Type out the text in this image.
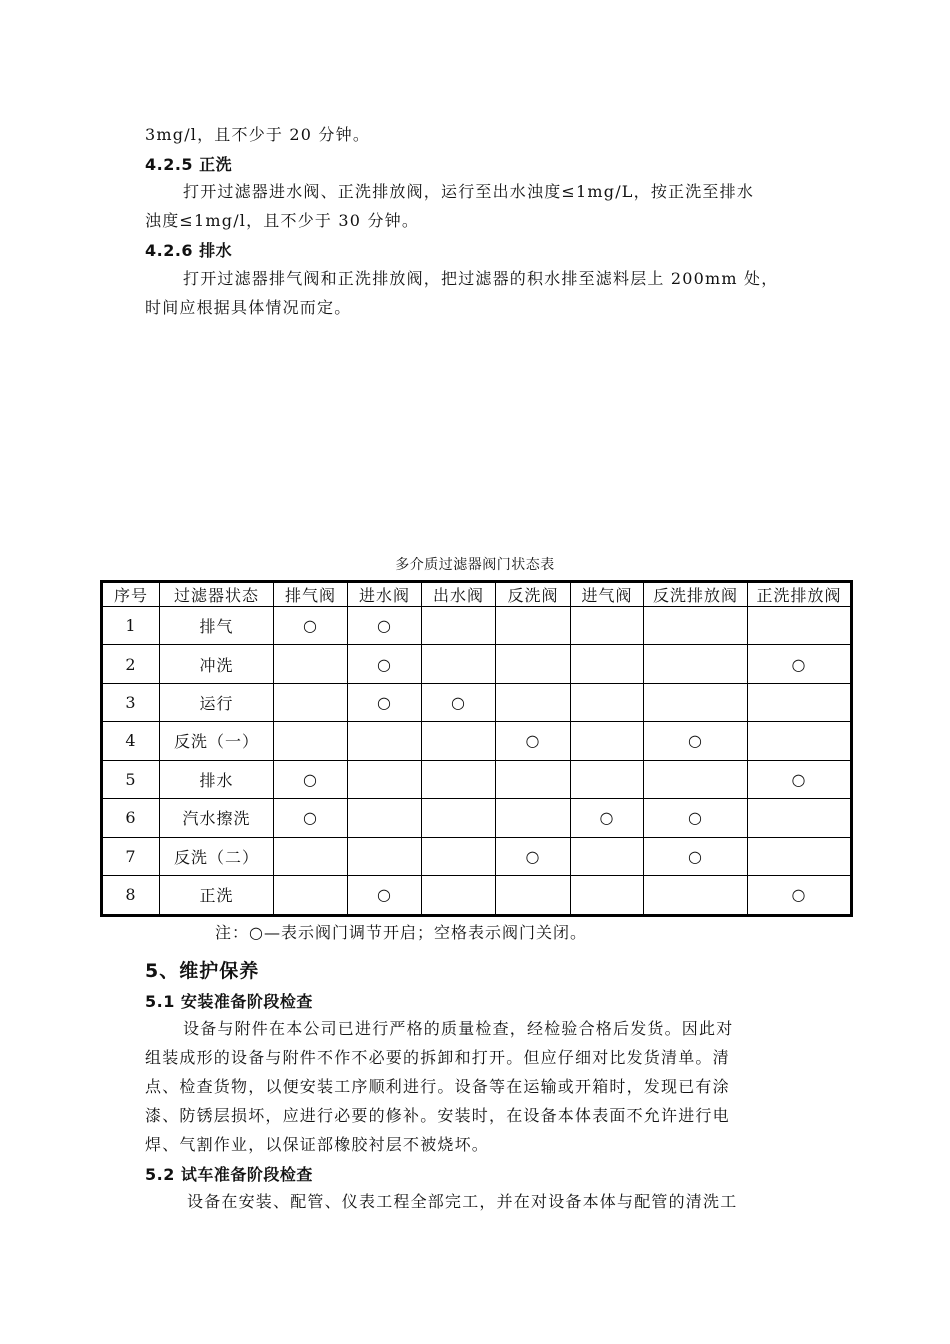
3mg/l，且不少于 20 分钟。
4.2.5 正洗
打开过滤器进水阀、正洗排放阀，运行至出水浊度≤1mg/L，按正洗至排水
浊度≤1mg/l，且不少于 30 分钟。
4.2.6 排水
打开过滤器排气阀和正洗排放阀，把过滤器的积水排至滤料层上 200mm 处，
时间应根据具体情况而定。
多介质过滤器阀门状态表
序号	过滤器状态	排气阀	进水阀	出水阀	反洗阀	进气阀	反洗排放阀	正洗排放阀
1	排气	○	○					
2	冲洗		○					○
3	运行		○	○				
4	反洗（一）				○		○	
5	排水	○						○
6	汽水擦洗	○				○	○	
7	反洗（二）				○		○	
8	正洗		○					○
注：○—表示阀门调节开启；空格表示阀门关闭。
5、维护保养
5.1 安装准备阶段检查
设备与附件在本公司已进行严格的质量检查，经检验合格后发货。因此对
组装成形的设备与附件不作不必要的拆卸和打开。但应仔细对比发货清单。清
点、检查货物，以便安装工序顺利进行。设备等在运输或开箱时，发现已有涂
漆、防锈层损坏，应进行必要的修补。安装时，在设备本体表面不允许进行电
焊、气割作业，以保证部橡胶衬层不被烧坏。
5.2 试车准备阶段检查
设备在安装、配管、仪表工程全部完工，并在对设备本体与配管的清洗工
